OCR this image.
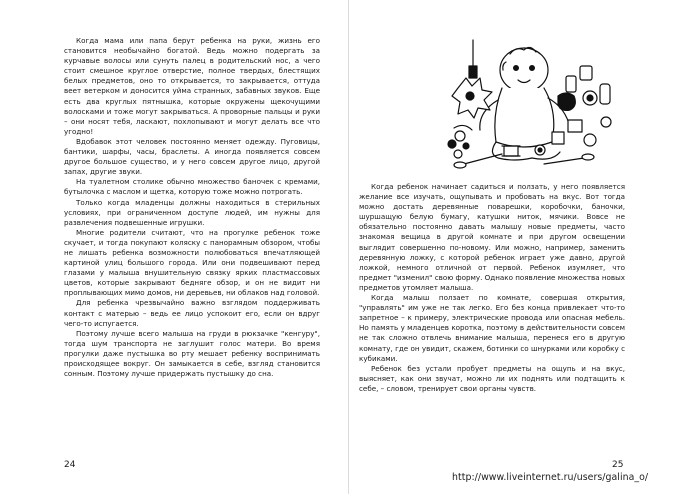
Когда мама или папа берут ребенка на руки, жизнь его становится необычайно богатой. Ведь можно подергать за курчавые волосы или сунуть палец в родительский нос, а чего стоит смешное круглое отверстие, полное твердых, блестящих белых предметов, оно то открывается, то закрывается, оттуда веет ветерком и доносится уйма странных, забавных звуков. Еще есть два круглых пятнышка, которые окружены щекочущими волосками и тоже могут закрываться. А проворные пальцы и руки – они носят тебя, ласкают, похлопывают и могут делать все что угодно!

Вдобавок этот человек постоянно меняет одежду. Пуговицы, бантики, шарфы, часы, браслеты. А иногда появляется совсем другое большое существо, и у него совсем другое лицо, другой запах, другие звуки.

На туалетном столике обычно множество баночек с кремами, бутылочка с маслом и щетка, которую тоже можно потрогать.

Только когда младенцы должны находиться в стерильных условиях, при ограниченном доступе людей, им нужны для развлечения подвешенные игрушки.

Многие родители считают, что на прогулке ребенок тоже скучает, и тогда покупают коляску с панорамным обзором, чтобы не лишать ребенка возможности полюбоваться впечатляющей картиной улиц большого города. Или они подвешивают перед глазами у малыша внушительную связку ярких пластмассовых цветов, которые закрывают бедняге обзор, и он не видит ни проплывающих мимо домов, ни деревьев, ни облаков над головой.

Для ребенка чрезвычайно важно взглядом поддерживать контакт с матерью – ведь ее лицо успокоит его, если он вдруг чего-то испугается.

Поэтому лучше всего малыша на груди в рюкзачке "кенгуру", тогда шум транспорта не заглушит голос матери. Во время прогулки даже пустышка во рту мешает ребенку воспринимать происходящее вокруг. Он замыкается в себе, взгляд становится сонным. Поэтому лучше придержать пустышку до сна.

24

Когда ребенок начинает садиться и ползать, у него появляется желание все изучать, ощупывать и пробовать на вкус. Вот тогда можно достать деревянные поварешки, коробочки, баночки, шуршащую белую бумагу, катушки ниток, мячики. Вовсе не обязательно постоянно давать малышу новые предметы, часто знакомая вещица в другой комнате и при другом освещении выглядит совершенно по-новому. Или можно, например, заменить деревянную ложку, с которой ребенок играет уже давно, другой ложкой, немного отличной от первой. Ребенок изумляет, что предмет "изменил" свою форму. Однако появление множества новых предметов утомляет малыша.

Когда малыш ползает по комнате, совершая открытия, "управлять" им уже не так легко. Его без конца привлекает что-то запретное – к примеру, электрические провода или опасная мебель. Но память у младенцев коротка, поэтому в действительности совсем не так сложно отвлечь внимание малыша, перенеся его в другую комнату, где он увидит, скажем, ботинки со шнурками или коробку с кубиками.

Ребенок без устали пробует предметы на ощупь и на вкус, выясняет, как они звучат, можно ли их поднять или подтащить к себе, – словом, тренирует свои органы чувств.

25
http://www.liveinternet.ru/users/galina_o/
